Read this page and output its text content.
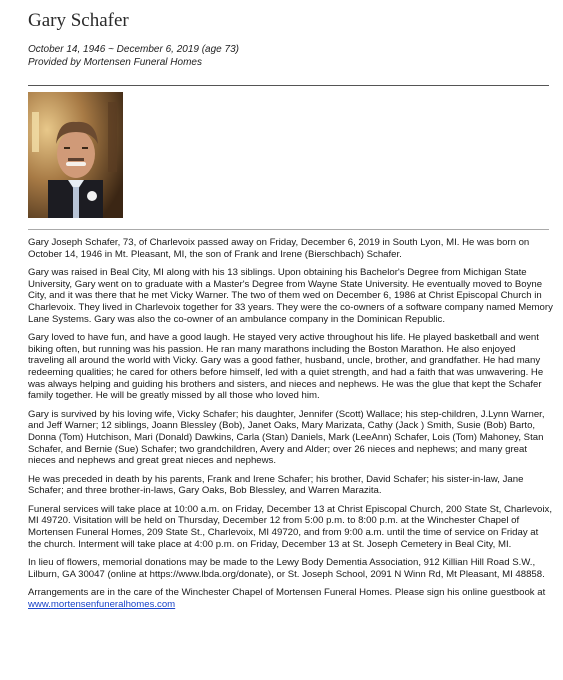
Gary Schafer
October 14, 1946 ~ December 6, 2019 (age 73)
Provided by Mortensen Funeral Homes

Gary Joseph Schafer, 73, of Charlevoix passed away on Friday, December 6, 2019 in South Lyon, MI. He was born on October 14, 1946 in Mt. Pleasant, MI, the son of Frank and Irene (Bierschbach) Schafer.

Gary was raised in Beal City, MI along with his 13 siblings. Upon obtaining his Bachelor's Degree from Michigan State University, Gary went on to graduate with a Master's Degree from Wayne State University. He eventually moved to Boyne City, and it was there that he met Vicky Warner. The two of them wed on December 6, 1986 at Christ Episcopal Church in Charlevoix. They lived in Charlevoix together for 33 years. They were the co-owners of a software company named Memory Lane Systems. Gary was also the co-owner of an ambulance company in the Dominican Republic.

Gary loved to have fun, and have a good laugh. He stayed very active throughout his life. He played basketball and went biking often, but running was his passion. He ran many marathons including the Boston Marathon. He also enjoyed traveling all around the world with Vicky. Gary was a good father, husband, uncle, brother, and grandfather. He had many redeeming qualities; he cared for others before himself, led with a quiet strength, and had a faith that was unwavering. He was always helping and guiding his brothers and sisters, and nieces and nephews. He was the glue that kept the Schafer family together. He will be greatly missed by all those who loved him.

Gary is survived by his loving wife, Vicky Schafer; his daughter, Jennifer (Scott) Wallace; his step-children, J.Lynn Warner, and Jeff Warner; 12 siblings, Joann Blessley (Bob), Janet Oaks, Mary Marizata, Cathy (Jack ) Smith, Susie (Bob) Barto, Donna (Tom) Hutchison, Mari (Donald) Dawkins, Carla (Stan) Daniels, Mark (LeeAnn) Schafer, Lois (Tom) Mahoney, Stan Schafer, and Bernie (Sue) Schafer; two grandchildren, Avery and Alder; over 26 nieces and nephews; and many great nieces and nephews and great great nieces and nephews.

He was preceded in death by his parents, Frank and Irene Schafer; his brother, David Schafer; his sister-in-law, Jane Schafer; and three brother-in-laws, Gary Oaks, Bob Blessley, and Warren Marazita.

Funeral services will take place at 10:00 a.m. on Friday, December 13 at Christ Episcopal Church, 200 State St, Charlevoix, MI 49720. Visitation will be held on Thursday, December 12 from 5:00 p.m. to 8:00 p.m. at the Winchester Chapel of Mortensen Funeral Homes, 209 State St., Charlevoix, MI 49720, and from 9:00 a.m. until the time of service on Friday at the church. Interment will take place at 4:00 p.m. on Friday, December 13 at St. Joseph Cemetery in Beal City, MI.

In lieu of flowers, memorial donations may be made to the Lewy Body Dementia Association, 912 Killian Hill Road S.W., Lilburn, GA 30047 (online at https://www.lbda.org/donate), or St. Joseph School, 2091 N Winn Rd, Mt Pleasant, MI 48858.

Arrangements are in the care of the Winchester Chapel of Mortensen Funeral Homes. Please sign his online guestbook at www.mortensenfuneralhomes.com
